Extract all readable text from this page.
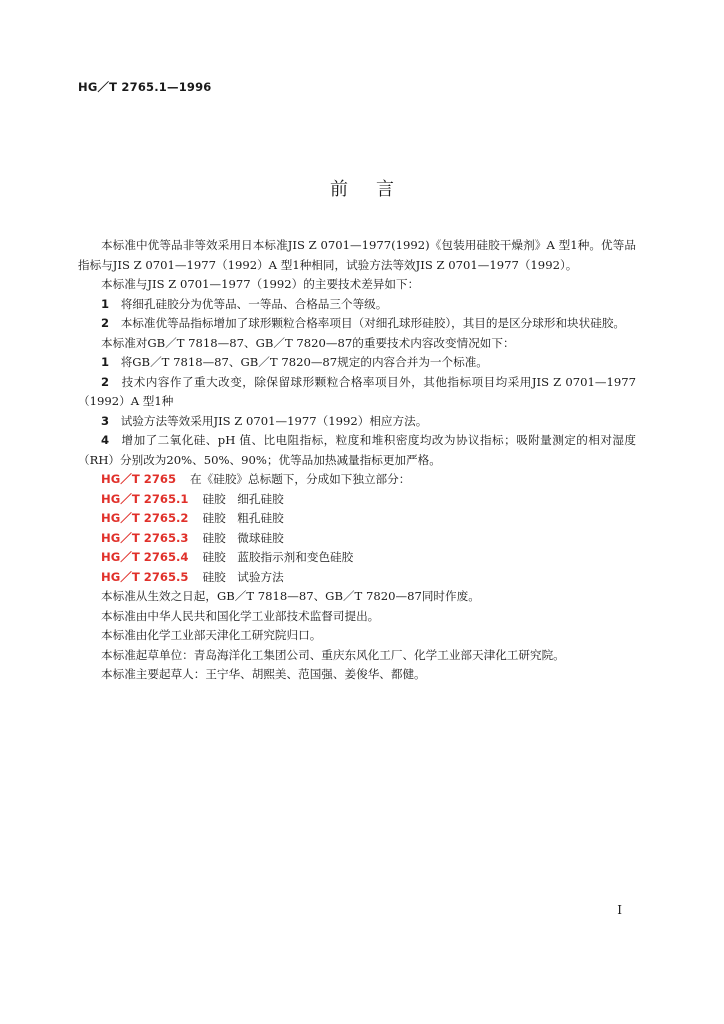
HG／T 2765.1—1996
前言

本标准中优等品非等效采用日本标准JIS Z 0701—1977(1992)《包装用硅胶干燥剂》A 型1种。优等品指标与JIS Z 0701—1977（1992）A 型1种相同，试验方法等效JIS Z 0701—1977（1992）。

本标准与JIS Z 0701—1977（1992）的主要技术差异如下：

1　 将细孔硅胶分为优等品、一等品、合格品三个等级。

2　 本标准优等品指标增加了球形颗粒合格率项目（对细孔球形硅胶），其目的是区分球形和块状硅胶。

本标准对GB／T 7818—87、GB／T 7820—87的重要技术内容改变情况如下：

1　 将GB／T 7818—87、GB／T 7820—87规定的内容合并为一个标准。

2　 技术内容作了重大改变，除保留球形颗粒合格率项目外，其他指标项目均采用JIS Z 0701—1977（1992）A 型1种

3　 试验方法等效采用JIS Z 0701—1977（1992）相应方法。

4　 增加了二氧化硅、pH 值、比电阻指标，粒度和堆积密度均改为协议指标；吸附量测定的相对湿度（RH）分别改为20%、50%、90%；优等品加热减量指标更加严格。

HG／T 2765 在《硅胶》总标题下，分成如下独立部分：

HG／T 2765.1 硅胶　细孔硅胶

HG／T 2765.2 硅胶　粗孔硅胶

HG／T 2765.3 硅胶　微球硅胶

HG／T 2765.4 硅胶　蓝胶指示剂和变色硅胶

HG／T 2765.5 硅胶　试验方法

本标准从生效之日起，GB／T 7818—87、GB／T 7820—87同时作废。

本标准由中华人民共和国化学工业部技术监督司提出。

本标准由化学工业部天津化工研究院归口。

本标准起草单位：青岛海洋化工集团公司、重庆东风化工厂、化学工业部天津化工研究院。

本标准主要起草人：王宁华、胡熙美、范国强、姜俊华、都健。

I
